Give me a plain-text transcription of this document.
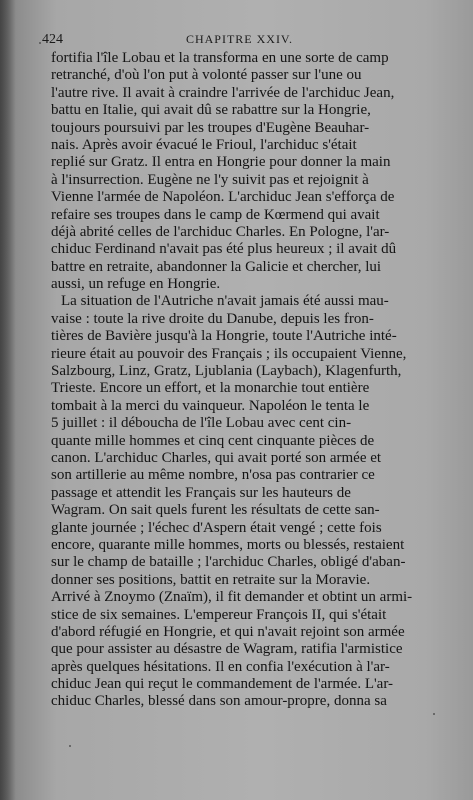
424	CHAPITRE XXIV.
fortifia l'île Lobau et la transforma en une sorte de camp
retranché, d'où l'on put à volonté passer sur l'une ou
l'autre rive. Il avait à craindre l'arrivée de l'archiduc Jean,
battu en Italie, qui avait dû se rabattre sur la Hongrie,
toujours poursuivi par les troupes d'Eugène Beauhar-
nais. Après avoir évacué le Frioul, l'archiduc s'était
replié sur Gratz. Il entra en Hongrie pour donner la main
à l'insurrection. Eugène ne l'y suivit pas et rejoignit à
Vienne l'armée de Napoléon. L'archiduc Jean s'efforça de
refaire ses troupes dans le camp de Kœrmend qui avait
déjà abrité celles de l'archiduc Charles. En Pologne, l'ar-
chiduc Ferdinand n'avait pas été plus heureux ; il avait dû
battre en retraite, abandonner la Galicie et chercher, lui
aussi, un refuge en Hongrie.
La situation de l'Autriche n'avait jamais été aussi mau-
vaise : toute la rive droite du Danube, depuis les fron-
tières de Bavière jusqu'à la Hongrie, toute l'Autriche inté-
rieure était au pouvoir des Français ; ils occupaient Vienne,
Salzbourg, Linz, Gratz, Ljublania (Laybach), Klagenfurth,
Trieste. Encore un effort, et la monarchie tout entière
tombait à la merci du vainqueur. Napoléon le tenta le
5 juillet : il déboucha de l'île Lobau avec cent cin-
quante mille hommes et cinq cent cinquante pièces de
canon. L'archiduc Charles, qui avait porté son armée et
son artillerie au même nombre, n'osa pas contrarier ce
passage et attendit les Français sur les hauteurs de
Wagram. On sait quels furent les résultats de cette san-
glante journée ; l'échec d'Aspern était vengé ; cette fois
encore, quarante mille hommes, morts ou blessés, restaient
sur le champ de bataille ; l'archiduc Charles, obligé d'aban-
donner ses positions, battit en retraite sur la Moravie.
Arrivé à Znoymo (Znaïm), il fit demander et obtint un armi-
stice de six semaines. L'empereur François II, qui s'était
d'abord réfugié en Hongrie, et qui n'avait rejoint son armée
que pour assister au désastre de Wagram, ratifia l'armistice
après quelques hésitations. Il en confia l'exécution à l'ar-
chiduc Jean qui reçut le commandement de l'armée. L'ar-
chiduc Charles, blessé dans son amour-propre, donna sa
